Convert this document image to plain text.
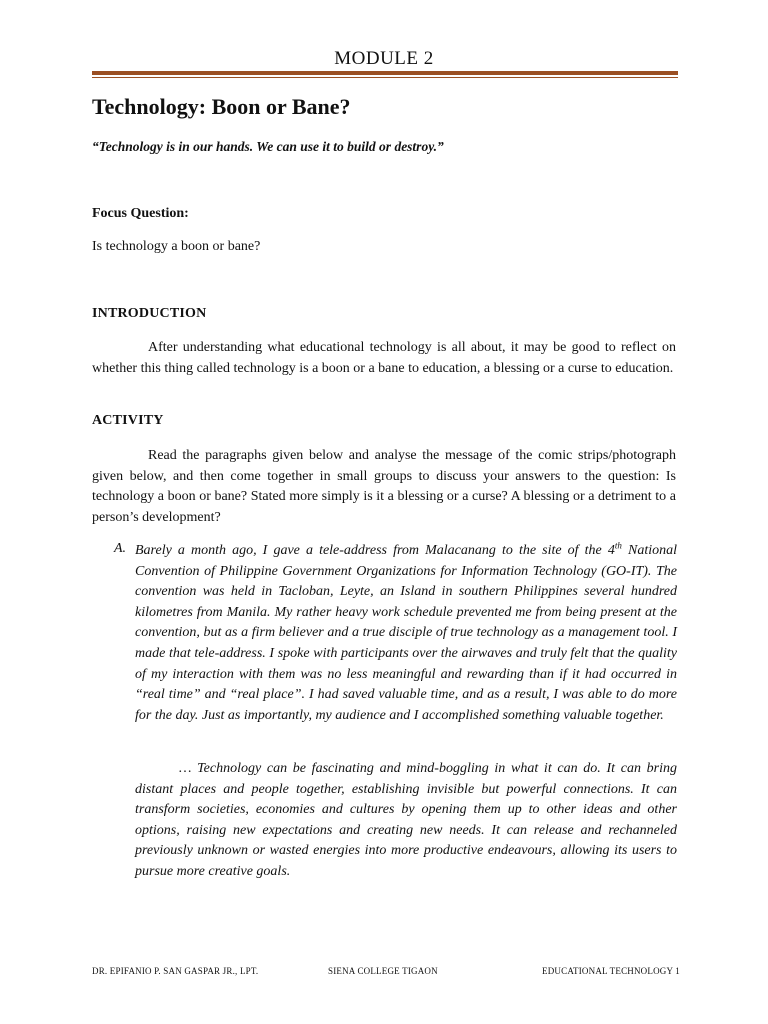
MODULE 2
Technology: Boon or Bane?

“Technology is in our hands. We can use it to build or destroy.”

Focus Question:
Is technology a boon or bane?
INTRODUCTION

After understanding what educational technology is all about, it may be good to reflect on whether this thing called technology is a boon or a bane to education, a blessing or a curse to education.

ACTIVITY

Read the paragraphs given below and analyse the message of the comic strips/photograph given below, and then come together in small groups to discuss your answers to the question: Is technology a boon or bane? Stated more simply is it a blessing or a curse? A blessing or a detriment to a person’s development?

A. Barely a month ago, I gave a tele-address from Malacanang to the site of the 4th National Convention of Philippine Government Organizations for Information Technology (GO-IT). The convention was held in Tacloban, Leyte, an Island in southern Philippines several hundred kilometres from Manila. My rather heavy work schedule prevented me from being present at the convention, but as a firm believer and a true disciple of true technology as a management tool. I made that tele-address. I spoke with participants over the airwaves and truly felt that the quality of my interaction with them was no less meaningful and rewarding than if it had occurred in “real time” and “real place”. I had saved valuable time, and as a result, I was able to do more for the day. Just as importantly, my audience and I accomplished something valuable together.

… Technology can be fascinating and mind-boggling in what it can do. It can bring distant places and people together, establishing invisible but powerful connections. It can transform societies, economies and cultures by opening them up to other ideas and other options, raising new expectations and creating new needs. It can release and rechanneled previously unknown or wasted energies into more productive endeavours, allowing its users to pursue more creative goals.

DR. EPIFANIO P. SAN GASPAR JR., LPT.	SIENA COLLEGE TIGAON	EDUCATIONAL TECHNOLOGY 1
